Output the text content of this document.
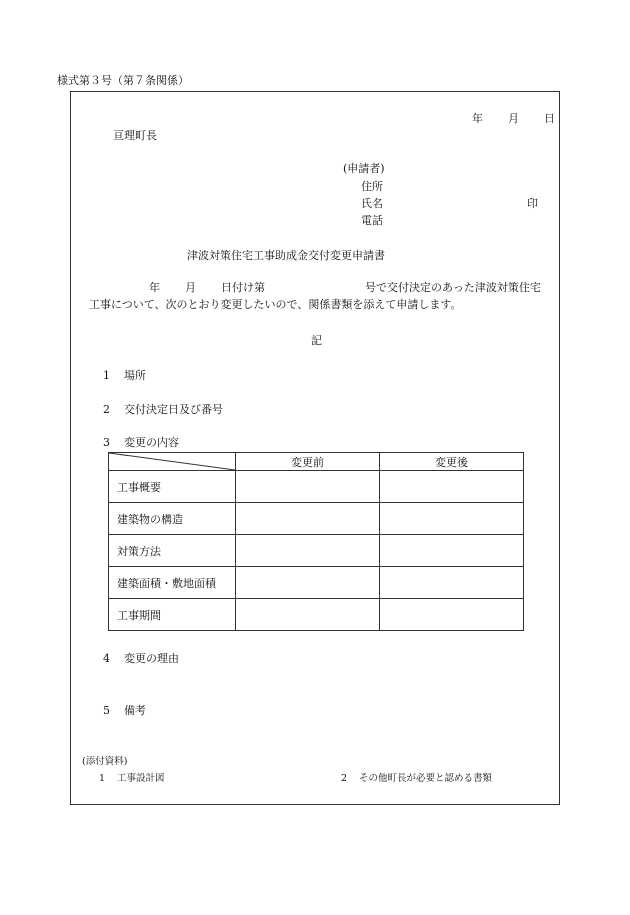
様式第３号（第７条関係）
年 月 日
亘理町長
(申請者)
住所
氏名	印
電話
津波対策住宅工事助成金交付変更申請書
年 月 日付け第	号で交付決定のあった津波対策住宅
工事について、次のとおり変更したいので、関係書類を添えて申請します。
記
1 場所
2 交付決定日及び番号
3 変更の内容
	変更前	変更後
工事概要		
建築物の構造		
対策方法		
建築面積・敷地面積		
工事期間		
4 変更の理由
5 備考
(添付資料)
1 工事設計図	2 その他町長が必要と認める書類
